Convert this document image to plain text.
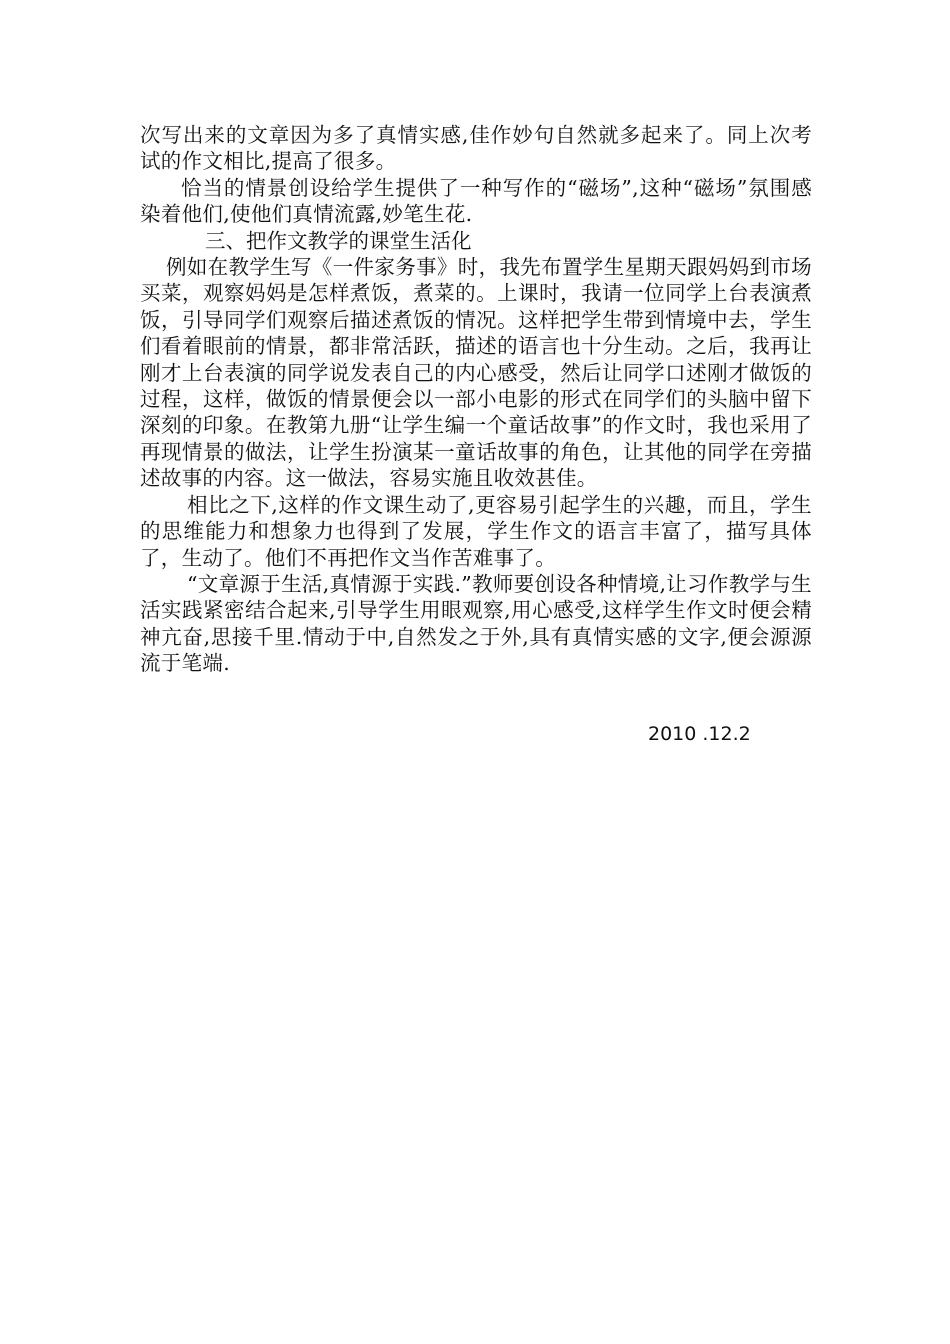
次写出来的文章因为多了真情实感,佳作妙句自然就多起来了。同上次考试的作文相比,提高了很多。

恰当的情景创设给学生提供了一种写作的“磁场”,这种“磁场”氛围感染着他们,使他们真情流露,妙笔生花.

三、把作文教学的课堂生活化

例如在教学生写《一件家务事》时，我先布置学生星期天跟妈妈到市场买菜，观察妈妈是怎样煮饭，煮菜的。上课时，我请一位同学上台表演煮饭，引导同学们观察后描述煮饭的情况。这样把学生带到情境中去，学生们看着眼前的情景，都非常活跃，描述的语言也十分生动。之后，我再让刚才上台表演的同学说发表自己的内心感受，然后让同学口述刚才做饭的过程，这样，做饭的情景便会以一部小电影的形式在同学们的头脑中留下深刻的印象。在教第九册“让学生编一个童话故事”的作文时，我也采用了再现情景的做法，让学生扮演某一童话故事的角色，让其他的同学在旁描述故事的内容。这一做法，容易实施且收效甚佳。

相比之下,这样的作文课生动了,更容易引起学生的兴趣，而且，学生的思维能力和想象力也得到了发展，学生作文的语言丰富了，描写具体了，生动了。他们不再把作文当作苦难事了。

“文章源于生活,真情源于实践.”教师要创设各种情境,让习作教学与生活实践紧密结合起来,引导学生用眼观察,用心感受,这样学生作文时便会精神亢奋,思接千里.情动于中,自然发之于外,具有真情实感的文字,便会源源流于笔端.

2010 .12.2
